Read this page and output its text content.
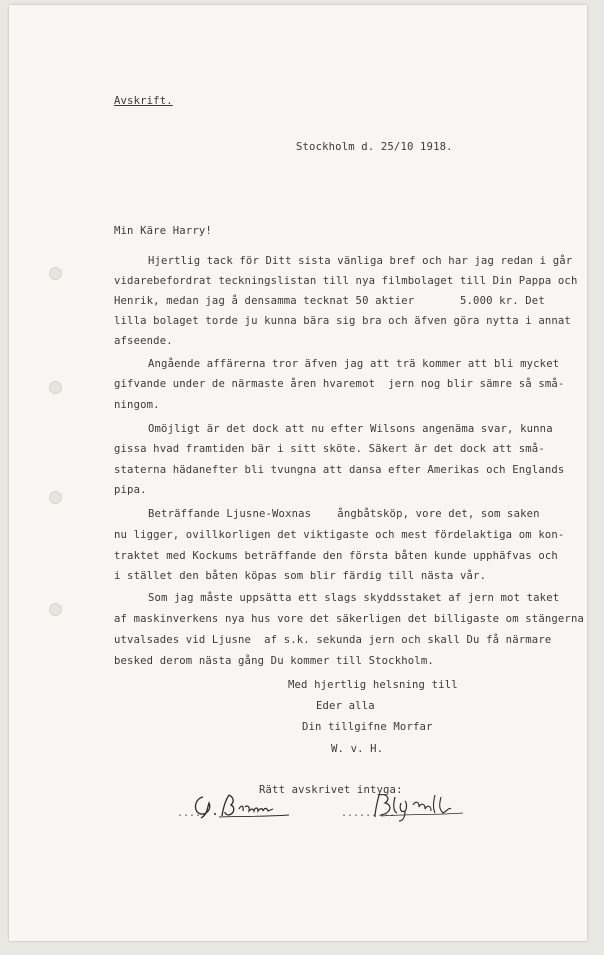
Avskrift.
Stockholm d. 25/10 1918.
Min Käre Harry!
Hjertlig tack för Ditt sista vänliga bref och har jag redan i går
vidarebefordrat teckningslistan till nya filmbolaget till Din Pappa och
Henrik, medan jag å densamma tecknat 50 aktier       5.000 kr. Det
lilla bolaget torde ju kunna bära sig bra och äfven göra nytta i annat
afseende.
Angående affärerna tror äfven jag att trä kommer att bli mycket
gifvande under de närmaste åren hvaremot  jern nog blir sämre så små-
ningom.
Omöjligt är det dock att nu efter Wilsons angenäma svar, kunna
gissa hvad framtiden bär i sitt sköte. Säkert är det dock att små-
staterna hädanefter bli tvungna att dansa efter Amerikas och Englands
pipa.
Beträffande Ljusne-Woxnas    ångbåtsköp, vore det, som saken
nu ligger, ovillkorligen det viktigaste och mest fördelaktiga om kon-
traktet med Kockums beträffande den första båten kunde upphäfvas och
i stället den båten köpas som blir färdig till nästa vår.
Som jag måste uppsätta ett slags skyddsstaket af jern mot taket
af maskinverkens nya hus vore det säkerligen det billigaste om stängerna
utvalsades vid Ljusne  af s.k. sekunda jern och skall Du få närmare
besked derom nästa gång Du kommer till Stockholm.
Med hjertlig helsning till
Eder alla
Din tillgifne Morfar
W. v. H.
Rätt avskrivet intyga:
.....	.........
